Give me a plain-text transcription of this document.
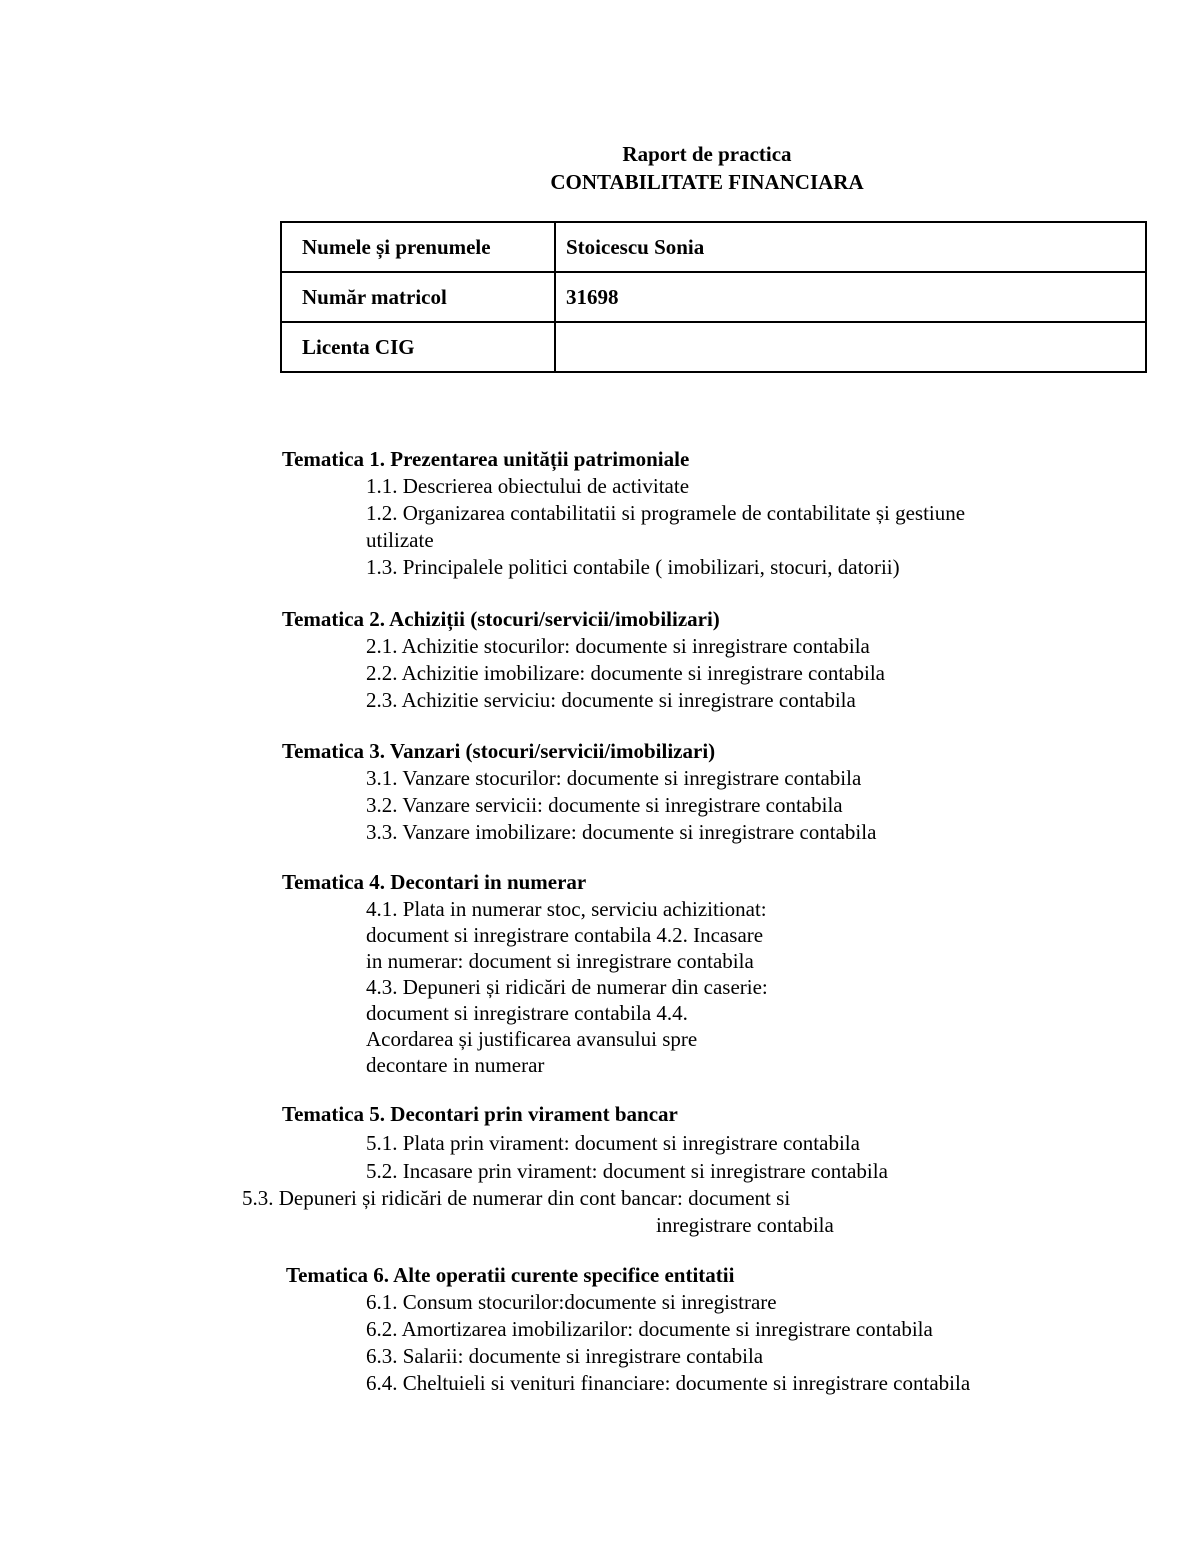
Raport de practica
CONTABILITATE FINANCIARA
Numele și prenumele	Stoicescu Sonia
Număr matricol	31698
Licenta CIG	
Tematica 1. Prezentarea unității patrimoniale
1.1. Descrierea obiectului de activitate
1.2. Organizarea contabilitatii si programele de contabilitate și gestiune
utilizate
1.3. Principalele politici contabile ( imobilizari, stocuri, datorii)
Tematica 2. Achiziții (stocuri/servicii/imobilizari)
2.1. Achizitie stocurilor: documente si inregistrare contabila
2.2. Achizitie imobilizare: documente si inregistrare contabila
2.3. Achizitie serviciu: documente si inregistrare contabila
Tematica 3. Vanzari (stocuri/servicii/imobilizari)
3.1. Vanzare stocurilor: documente si inregistrare contabila
3.2. Vanzare servicii: documente si inregistrare contabila
3.3. Vanzare imobilizare: documente si inregistrare contabila
Tematica 4. Decontari in numerar
4.1. Plata in numerar stoc, serviciu achizitionat:
document si inregistrare contabila 4.2. Incasare
in numerar: document si inregistrare contabila
4.3. Depuneri și ridicări de numerar din caserie:
document si inregistrare contabila 4.4.
Acordarea și justificarea avansului spre
decontare in numerar
Tematica 5. Decontari prin virament bancar
5.1. Plata prin virament: document si inregistrare contabila
5.2. Incasare prin virament: document si inregistrare contabila
5.3. Depuneri și ridicări de numerar din cont bancar: document si
inregistrare contabila
Tematica 6. Alte operatii curente specifice entitatii
6.1. Consum stocurilor:documente si inregistrare
6.2. Amortizarea imobilizarilor: documente si inregistrare contabila
6.3. Salarii: documente si inregistrare contabila
6.4. Cheltuieli si venituri financiare: documente si inregistrare contabila
